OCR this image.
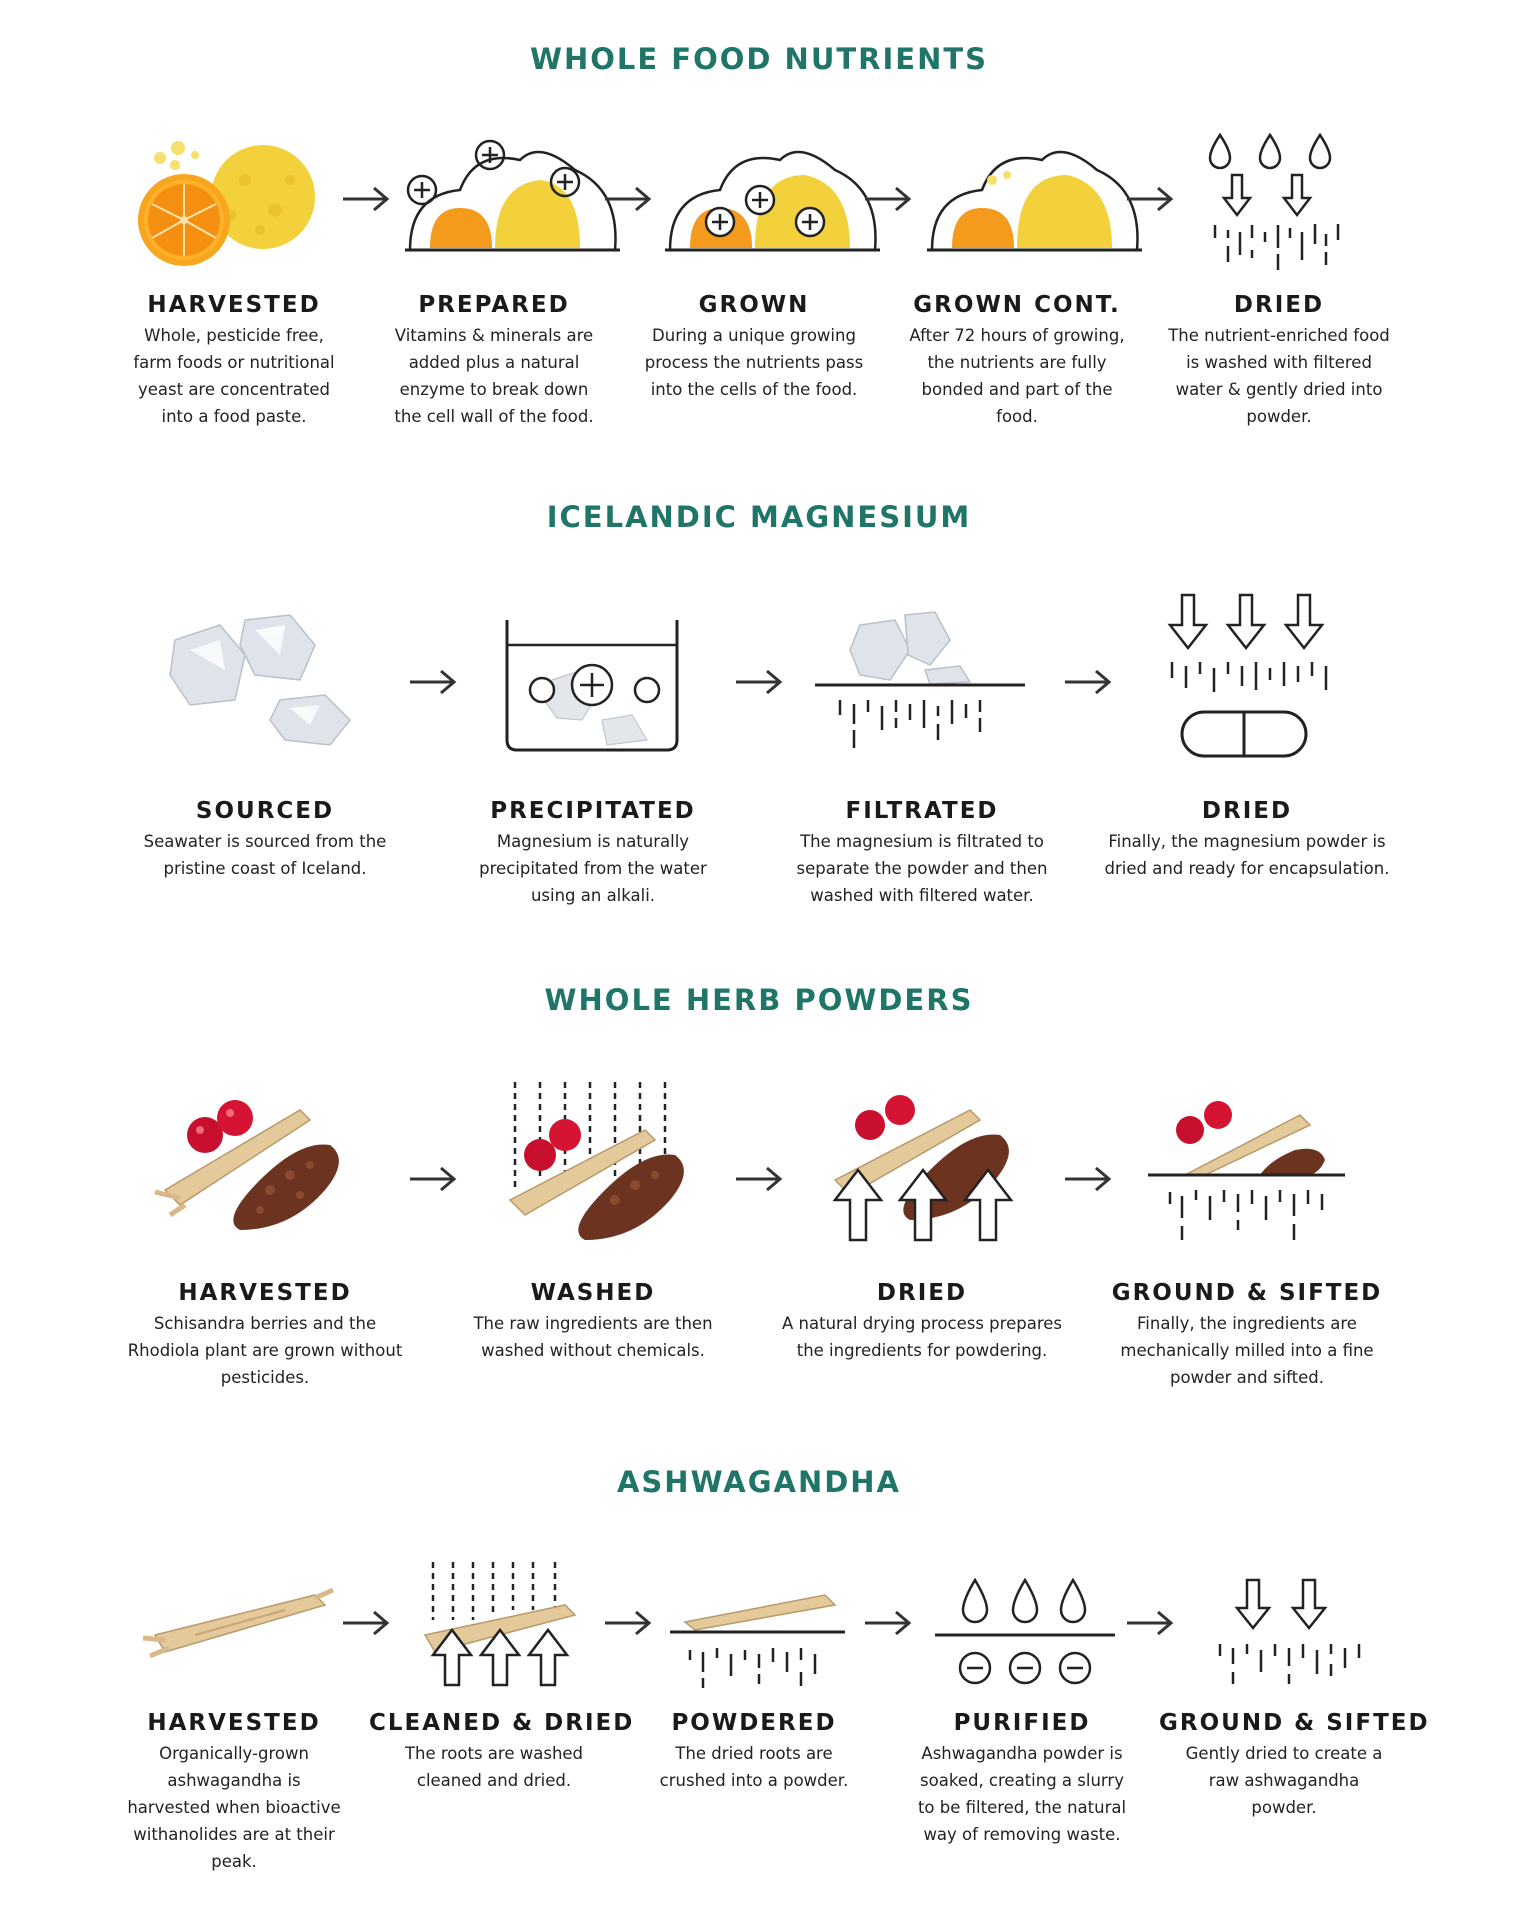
WHOLE FOOD NUTRIENTS
HARVESTED

Whole, pesticide free, farm foods or nutritional yeast are concentrated into a food paste.

PREPARED

Vitamins & minerals are added plus a natural enzyme to break down the cell wall of the food.

GROWN

During a unique growing process the nutrients pass into the cells of the food.

GROWN CONT.

After 72 hours of growing, the nutrients are fully bonded and part of the food.

DRIED

The nutrient-enriched food is washed with filtered water & gently dried into powder.

ICELANDIC MAGNESIUM
SOURCED

Seawater is sourced from the pristine coast of Iceland.

PRECIPITATED

Magnesium is naturally precipitated from the water using an alkali.

FILTRATED

The magnesium is filtrated to separate the powder and then washed with filtered water.

DRIED

Finally, the magnesium powder is dried and ready for encapsulation.

WHOLE HERB POWDERS
HARVESTED

Schisandra berries and the Rhodiola plant are grown without pesticides.

WASHED

The raw ingredients are then washed without chemicals.

DRIED

A natural drying process prepares the ingredients for powdering.

GROUND & SIFTED

Finally, the ingredients are mechanically milled into a fine powder and sifted.

ASHWAGANDHA
HARVESTED

Organically-grown ashwagandha is harvested when bioactive withanolides are at their peak.

CLEANED & DRIED

The roots are washed cleaned and dried.

POWDERED

The dried roots are crushed into a powder.

PURIFIED

Ashwagandha powder is soaked, creating a slurry to be filtered, the natural way of removing waste.

GROUND & SIFTED

Gently dried to create a raw ashwagandha powder.
